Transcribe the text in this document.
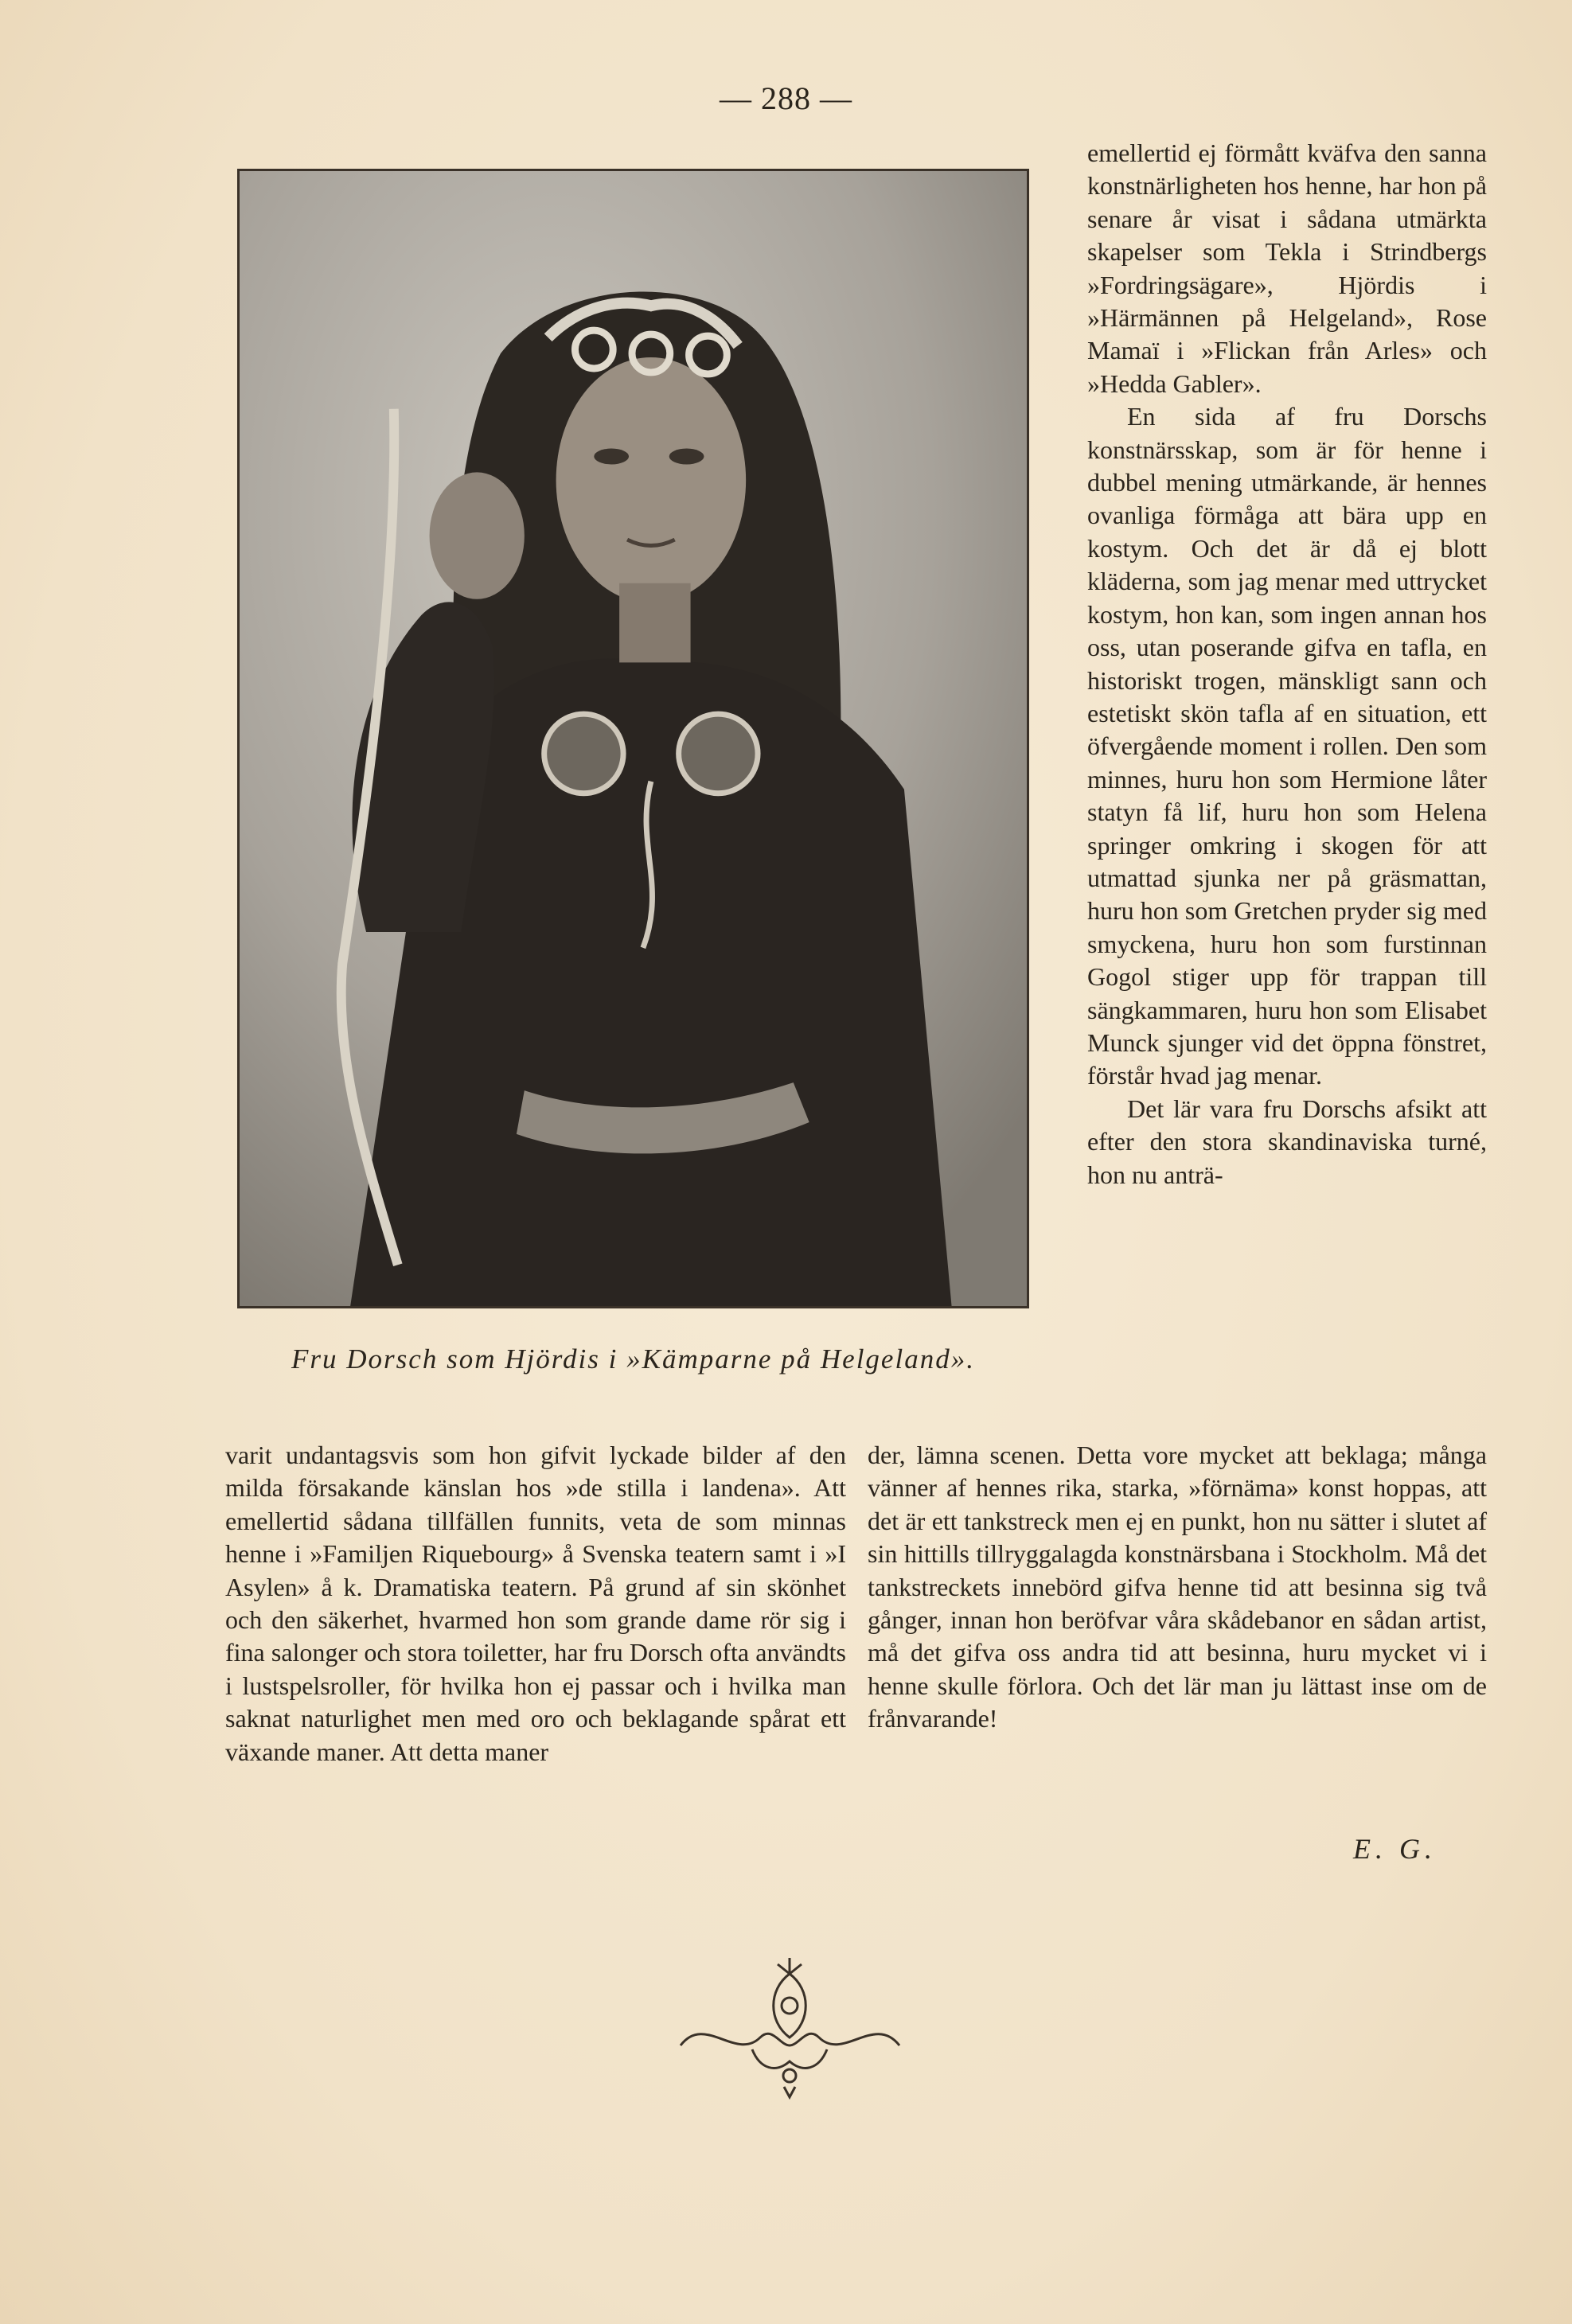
— 288 —
Fru Dorsch som Hjördis i »Kämparne på Helgeland».

emellertid ej förmått kväfva den sanna konstnärligheten hos henne, har hon på senare år visat i sådana utmärkta skapelser som Tekla i Strindbergs »Fordringsägare», Hjördis i »Härmännen på Helgeland», Rose Mamaï i »Flickan från Arles» och »Hedda Gabler».

En sida af fru Dorschs konstnärsskap, som är för henne i dubbel mening utmärkande, är hennes ovanliga förmåga att bära upp en kostym. Och det är då ej blott kläderna, som jag menar med uttrycket kostym, hon kan, som ingen annan hos oss, utan poserande gifva en tafla, en historiskt trogen, mänskligt sann och estetiskt skön tafla af en situation, ett öfvergående moment i rollen. Den som minnes, huru hon som Hermione låter statyn få lif, huru hon som Helena springer omkring i skogen för att utmattad sjunka ner på gräsmattan, huru hon som Gretchen pryder sig med smyckena, huru hon som furstinnan Gogol stiger upp för trappan till sängkammaren, huru hon som Elisabet Munck sjunger vid det öppna fönstret, förstår hvad jag menar.

Det lär vara fru Dorschs afsikt att efter den stora skandinaviska turné, hon nu anträ-

varit undantagsvis som hon gifvit lyckade bilder af den milda försakande känslan hos »de stilla i landena». Att emellertid sådana tillfällen funnits, veta de som minnas henne i »Familjen Riquebourg» å Svenska teatern samt i »I Asylen» å k. Dramatiska teatern. På grund af sin skönhet och den säkerhet, hvarmed hon som grande dame rör sig i fina salonger och stora toiletter, har fru Dorsch ofta användts i lustspelsroller, för hvilka hon ej passar och i hvilka man saknat naturlighet men med oro och beklagande spårat ett växande maner. Att detta maner

der, lämna scenen. Detta vore mycket att beklaga; många vänner af hennes rika, starka, »förnäma» konst hoppas, att det är ett tankstreck men ej en punkt, hon nu sätter i slutet af sin hittills tillryggalagda konstnärsbana i Stockholm. Må det tankstreckets innebörd gifva henne tid att besinna sig två gånger, innan hon beröfvar våra skådebanor en sådan artist, må det gifva oss andra tid att besinna, huru mycket vi i henne skulle förlora. Och det lär man ju lättast inse om de frånvarande!

E. G.
